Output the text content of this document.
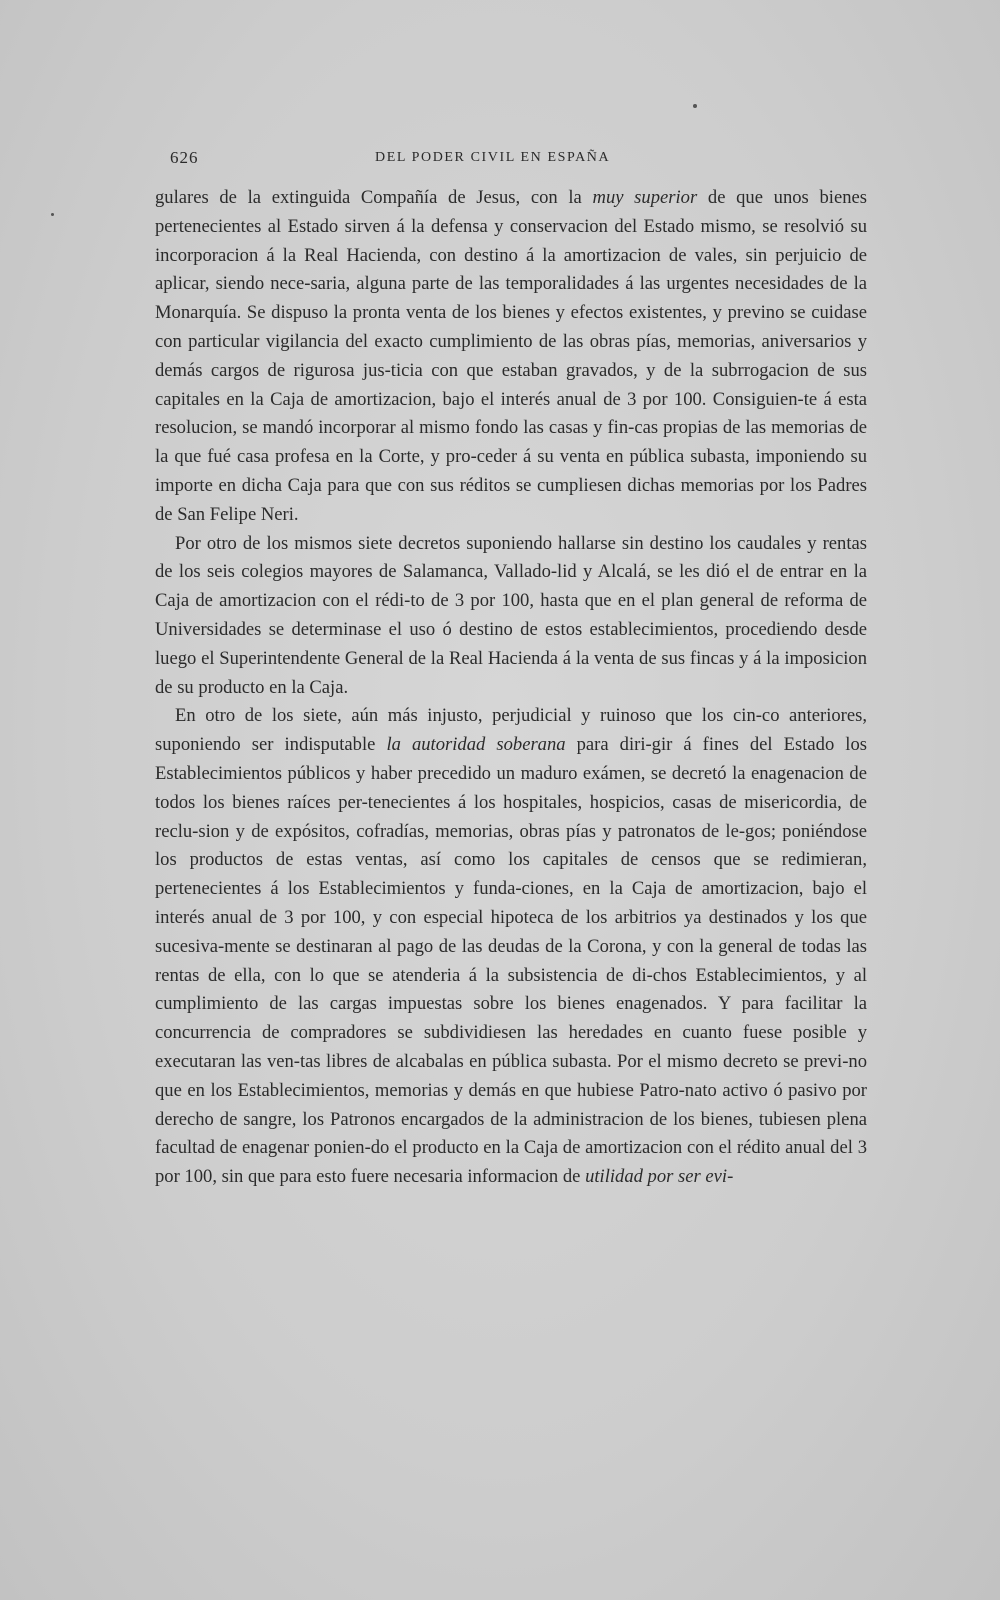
626	DEL PODER CIVIL EN ESPAÑA

gulares de la extinguida Compañía de Jesus, con la muy superior de que unos bienes pertenecientes al Estado sirven á la defensa y conservacion del Estado mismo, se resolvió su incorporacion á la Real Hacienda, con destino á la amortizacion de vales, sin perjuicio de aplicar, siendo nece-saria, alguna parte de las temporalidades á las urgentes necesidades de la Monarquía. Se dispuso la pronta venta de los bienes y efectos existentes, y previno se cuidase con particular vigilancia del exacto cumplimiento de las obras pías, memorias, aniversarios y demás cargos de rigurosa jus-ticia con que estaban gravados, y de la subrrogacion de sus capitales en la Caja de amortizacion, bajo el interés anual de 3 por 100. Consiguien-te á esta resolucion, se mandó incorporar al mismo fondo las casas y fin-cas propias de las memorias de la que fué casa profesa en la Corte, y pro-ceder á su venta en pública subasta, imponiendo su importe en dicha Caja para que con sus réditos se cumpliesen dichas memorias por los Padres de San Felipe Neri.

Por otro de los mismos siete decretos suponiendo hallarse sin destino los caudales y rentas de los seis colegios mayores de Salamanca, Vallado-lid y Alcalá, se les dió el de entrar en la Caja de amortizacion con el rédi-to de 3 por 100, hasta que en el plan general de reforma de Universidades se determinase el uso ó destino de estos establecimientos, procediendo desde luego el Superintendente General de la Real Hacienda á la venta de sus fincas y á la imposicion de su producto en la Caja.

En otro de los siete, aún más injusto, perjudicial y ruinoso que los cin-co anteriores, suponiendo ser indisputable la autoridad soberana para diri-gir á fines del Estado los Establecimientos públicos y haber precedido un maduro exámen, se decretó la enagenacion de todos los bienes raíces per-tenecientes á los hospitales, hospicios, casas de misericordia, de reclu-sion y de expósitos, cofradías, memorias, obras pías y patronatos de le-gos; poniéndose los productos de estas ventas, así como los capitales de censos que se redimieran, pertenecientes á los Establecimientos y funda-ciones, en la Caja de amortizacion, bajo el interés anual de 3 por 100, y con especial hipoteca de los arbitrios ya destinados y los que sucesiva-mente se destinaran al pago de las deudas de la Corona, y con la general de todas las rentas de ella, con lo que se atenderia á la subsistencia de di-chos Establecimientos, y al cumplimiento de las cargas impuestas sobre los bienes enagenados. Y para facilitar la concurrencia de compradores se subdividiesen las heredades en cuanto fuese posible y executaran las ven-tas libres de alcabalas en pública subasta. Por el mismo decreto se previ-no que en los Establecimientos, memorias y demás en que hubiese Patro-nato activo ó pasivo por derecho de sangre, los Patronos encargados de la administracion de los bienes, tubiesen plena facultad de enagenar ponien-do el producto en la Caja de amortizacion con el rédito anual del 3 por 100, sin que para esto fuere necesaria informacion de utilidad por ser evi-
